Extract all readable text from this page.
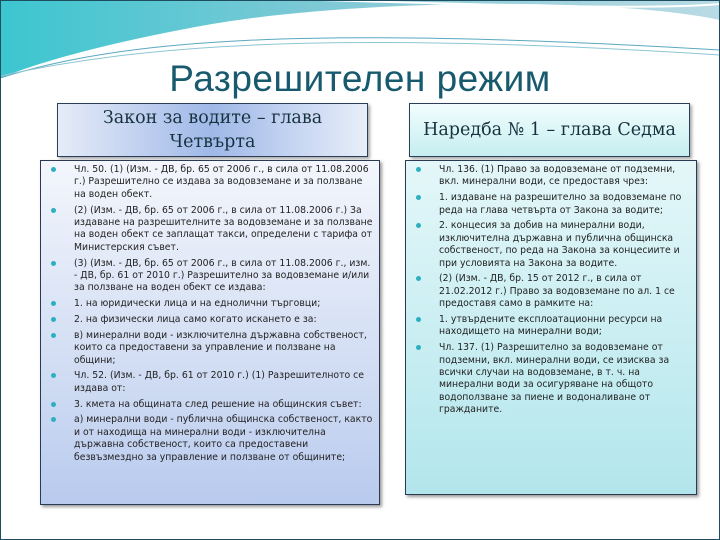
Разрешителен режим
Закон за водите – глава Четвърта
Наредба № 1 – глава Седма
Чл. 50. (1) (Изм. - ДВ, бр. 65 от 2006 г., в сила от 11.08.2006 г.) Разрешително се издава за водовземане и за ползване на воден обект.
(2) (Изм. - ДВ, бр. 65 от 2006 г., в сила от 11.08.2006 г.) За издаване на разрешителните за водовземане и за ползване на воден обект се заплащат такси, определени с тарифа от Министерския съвет.
(3) (Изм. - ДВ, бр. 65 от 2006 г., в сила от 11.08.2006 г., изм. - ДВ, бр. 61 от 2010 г.) Разрешително за водовземане и/или за ползване на воден обект се издава:
1. на юридически лица и на еднолични търговци;
2. на физически лица само когато искането е за:
в) минерални води - изключителна държавна собственост, които са предоставени за управление и ползване на общини;
Чл. 52. (Изм. - ДВ, бр. 61 от 2010 г.) (1) Разрешителното се издава от:
3. кмета на общината след решение на общинския съвет:
а) минерални води - публична общинска собственост, както и от находища на минерални води - изключителна държавна собственост, които са предоставени безвъзмездно за управление и ползване от общините;
Чл. 136. (1) Право за водовземане от подземни, вкл. минерални води, се предоставя чрез:
1. издаване на разрешително за водовземане по реда на глава четвърта от Закона за водите;
2. концесия за добив на минерални води, изключителна държавна и публична общинска собственост, по реда на Закона за концесиите и при условията на Закона за водите.
(2) (Изм. - ДВ, бр. 15 от 2012 г., в сила от 21.02.2012 г.) Право за водовземане по ал. 1 се предоставя само в рамките на:
1. утвърдените експлоатационни ресурси на находището на минерални води;
Чл. 137. (1) Разрешително за водовземане от подземни, вкл. минерални води, се изисква за всички случаи на водовземане, в т. ч. на минерални води за осигуряване на общото водоползване за пиене и водоналиване от гражданите.
